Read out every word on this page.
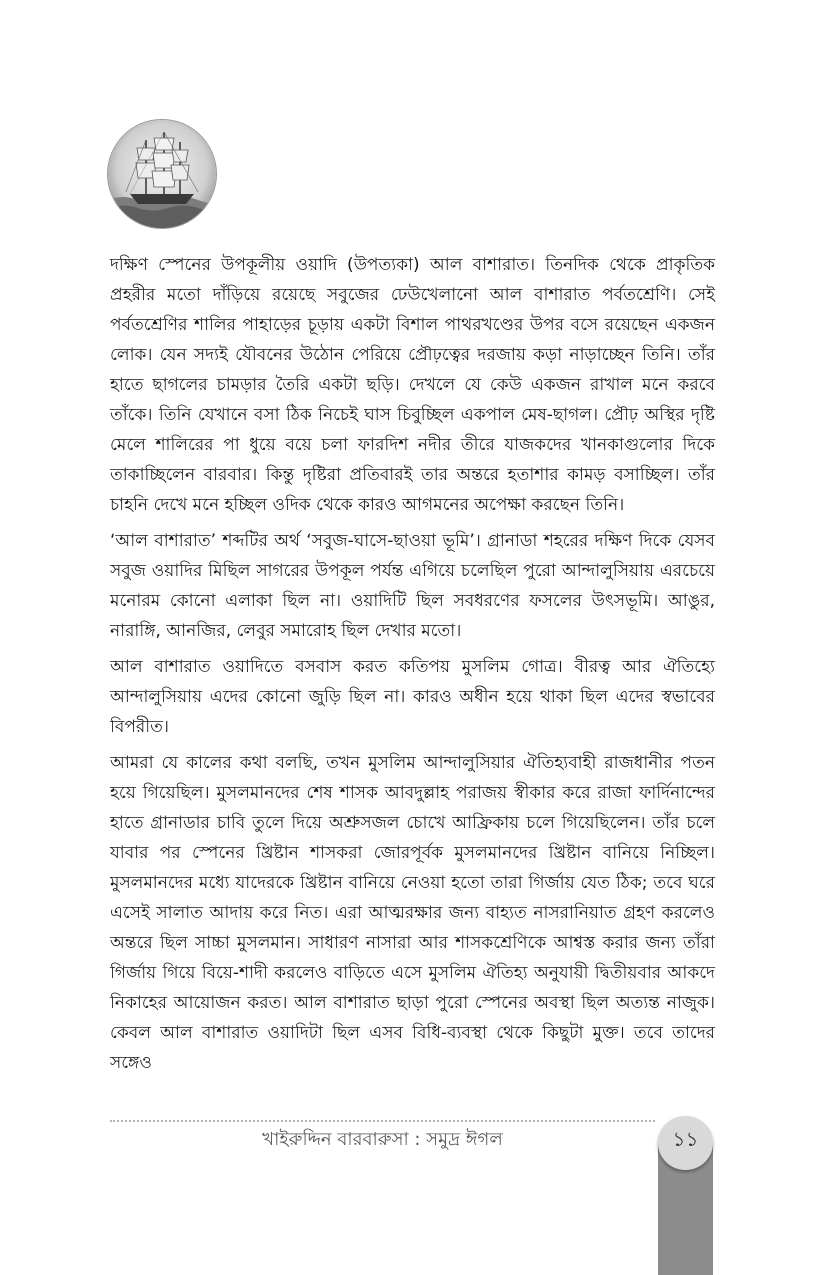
দক্ষিণ স্পেনের উপকূলীয় ওয়াদি (উপত্যকা) আল বাশারাত। তিনদিক থেকে প্রাকৃতিক প্রহরীর মতো দাঁড়িয়ে রয়েছে সবুজের ঢেউখেলানো আল বাশারাত পর্বতশ্রেণি। সেই পর্বতশ্রেণির শালির পাহাড়ের চূড়ায় একটা বিশাল পাথরখণ্ডের উপর বসে রয়েছেন একজন লোক। যেন সদ্যই যৌবনের উঠোন পেরিয়ে প্রৌঢ়ত্বের দরজায় কড়া নাড়াচ্ছেন তিনি। তাঁর হাতে ছাগলের চামড়ার তৈরি একটা ছড়ি। দেখলে যে কেউ একজন রাখাল মনে করবে তাঁকে। তিনি যেখানে বসা ঠিক নিচেই ঘাস চিবুচ্ছিল একপাল মেষ-ছাগল। প্রৌঢ় অস্থির দৃষ্টি মেলে শালিরের পা ধুয়ে বয়ে চলা ফারদিশ নদীর তীরে যাজকদের খানকাগুলোর দিকে তাকাচ্ছিলেন বারবার। কিন্তু দৃষ্টিরা প্রতিবারই তার অন্তরে হতাশার কামড় বসাচ্ছিল। তাঁর চাহনি দেখে মনে হচ্ছিল ওদিক থেকে কারও আগমনের অপেক্ষা করছেন তিনি।

‘আল বাশারাত’ শব্দটির অর্থ ‘সবুজ-ঘাসে-ছাওয়া ভূমি’। গ্রানাডা শহরের দক্ষিণ দিকে যেসব সবুজ ওয়াদির মিছিল সাগরের উপকূল পর্যন্ত এগিয়ে চলেছিল পুরো আন্দালুসিয়ায় এরচেয়ে মনোরম কোনো এলাকা ছিল না। ওয়াদিটি ছিল সবধরণের ফসলের উৎসভূমি। আঙুর, নারাঙ্গি, আনজির, লেবুর সমারোহ ছিল দেখার মতো।

আল বাশারাত ওয়াদিতে বসবাস করত কতিপয় মুসলিম গোত্র। বীরত্ব আর ঐতিহ্যে আন্দালুসিয়ায় এদের কোনো জুড়ি ছিল না। কারও অধীন হয়ে থাকা ছিল এদের স্বভাবের বিপরীত।

আমরা যে কালের কথা বলছি, তখন মুসলিম আন্দালুসিয়ার ঐতিহ্যবাহী রাজধানীর পতন হয়ে গিয়েছিল। মুসলমানদের শেষ শাসক আবদুল্লাহ পরাজয় স্বীকার করে রাজা ফার্দিনান্দের হাতে গ্রানাডার চাবি তুলে দিয়ে অশ্রুসজল চোখে আফ্রিকায় চলে গিয়েছিলেন। তাঁর চলে যাবার পর স্পেনের খ্রিষ্টান শাসকরা জোরপূর্বক মুসলমানদের খ্রিষ্টান বানিয়ে নিচ্ছিল। মুসলমানদের মধ্যে যাদেরকে খ্রিষ্টান বানিয়ে নেওয়া হতো তারা গির্জায় যেত ঠিক; তবে ঘরে এসেই সালাত আদায় করে নিত। এরা আত্মরক্ষার জন্য বাহ্যত নাসরানিয়াত গ্রহণ করলেও অন্তরে ছিল সাচ্চা মুসলমান। সাধারণ নাসারা আর শাসকশ্রেণিকে আশ্বস্ত করার জন্য তাঁরা গির্জায় গিয়ে বিয়ে-শাদী করলেও বাড়িতে এসে মুসলিম ঐতিহ্য অনুযায়ী দ্বিতীয়বার আকদে নিকাহের আয়োজন করত। আল বাশারাত ছাড়া পুরো স্পেনের অবস্থা ছিল অত্যন্ত নাজুক। কেবল আল বাশারাত ওয়াদিটা ছিল এসব বিধি-ব্যবস্থা থেকে কিছুটা মুক্ত। তবে তাদের সঙ্গেও

খাইরুদ্দিন বারবারুসা : সমুদ্র ঈগল	১১
